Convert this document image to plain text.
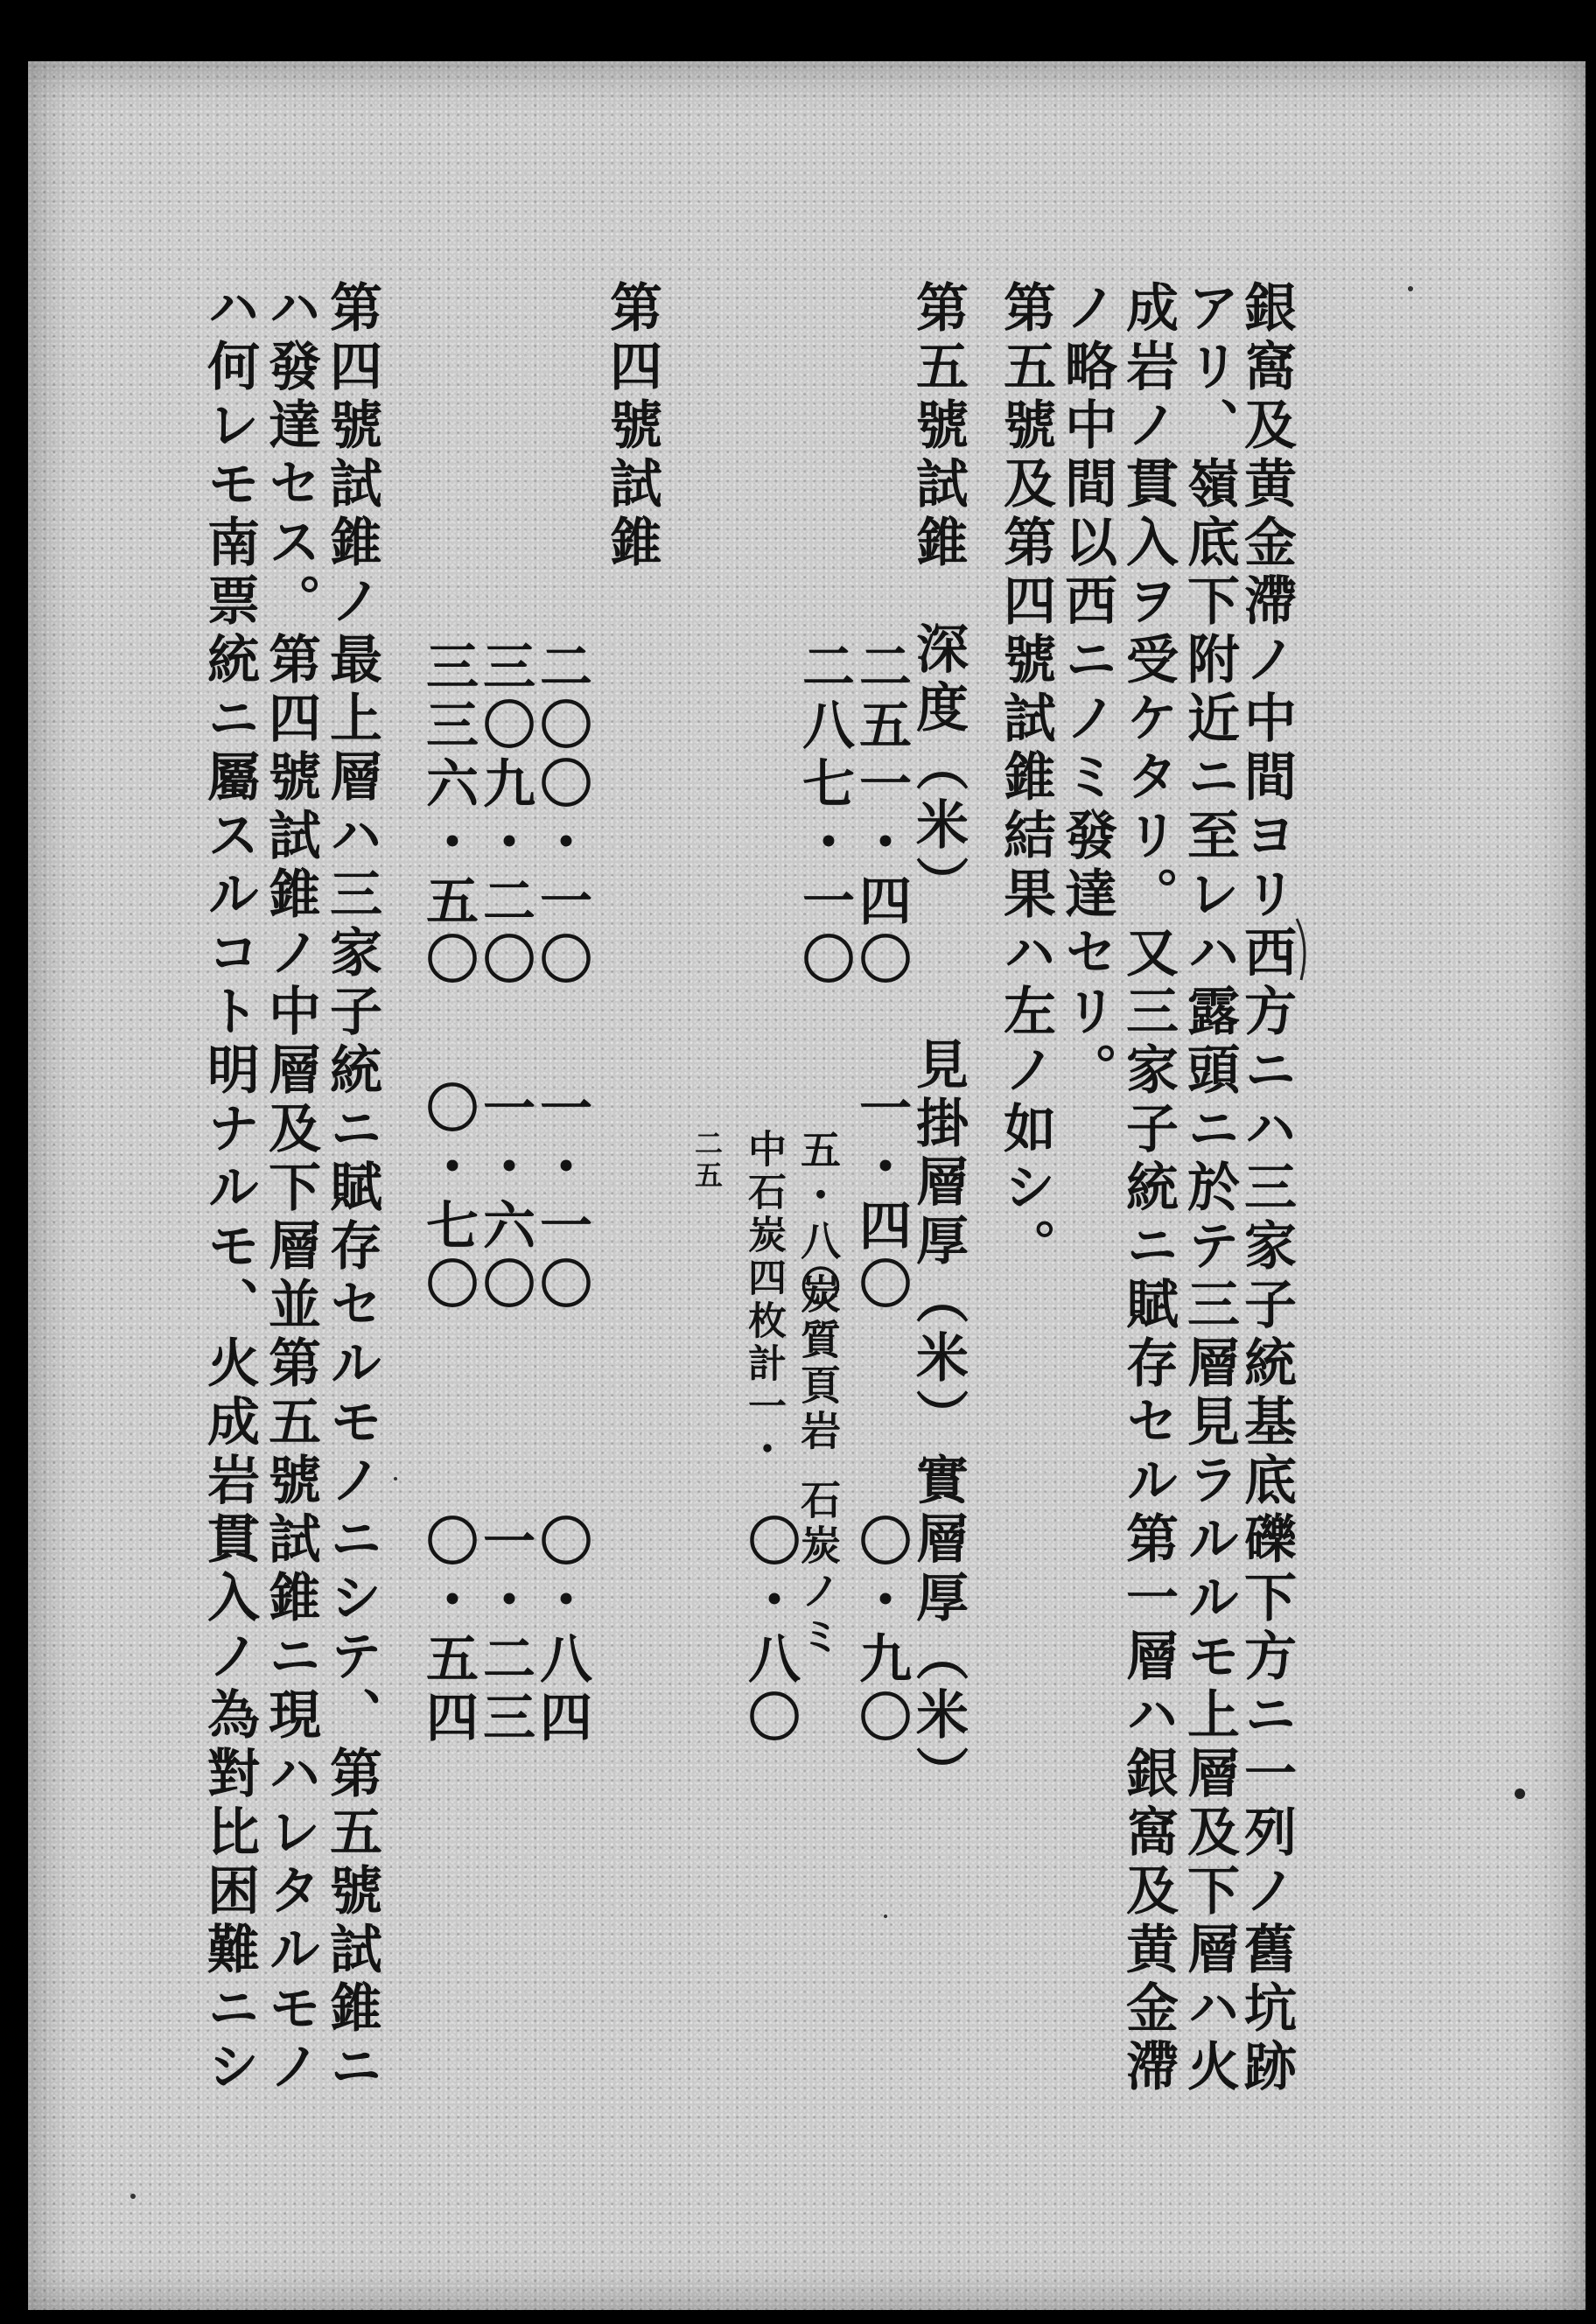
銀窩及黄金滯ノ中間ヨリ西方ニハ三家子統基底礫下方ニ一列ノ舊坑跡
アリ、嶺底下附近ニ至レハ露頭ニ於テ三層見ラルルモ上層及下層ハ火
成岩ノ貫入ヲ受ケタリ。又三家子統ニ賦存セル第一層ハ銀窩及黄金滯
ノ略中間以西ニノミ發達セリ。
第五號及第四號試錐結果ハ左ノ如シ。
第五號試錐
深度（米）
見掛層厚（米）
實層厚（米）
二五一・四〇
一・四〇
〇・九〇
二八七・一〇
五・八〇
炭質頁岩
石炭ノミ
中石炭四枚計一・
〇・八〇
二五
第四號試錐
二〇〇・一〇
一・一〇
〇・八四
三〇九・二〇
一・六〇
一・二三
三三六・五〇
〇・七〇
〇・五四
第四號試錐ノ最上層ハ三家子統ニ賦存セルモノニシテ、第五號試錐ニ
ハ發達セス。第四號試錐ノ中層及下層並第五號試錐ニ現ハレタルモノ
ハ何レモ南票統ニ屬スルコト明ナルモ、火成岩貫入ノ為對比困難ニシ
